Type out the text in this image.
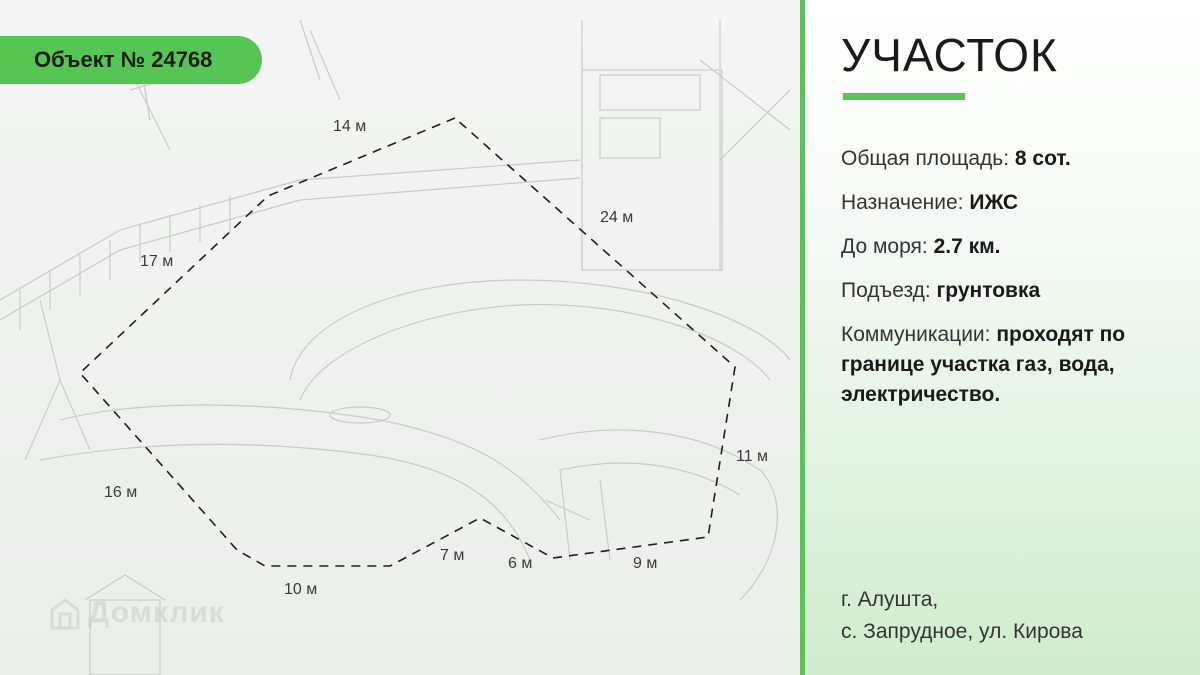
Объект № 24768
14 м
24 м
17 м
11 м
16 м
10 м
7 м	6 м	9 м
Домклик
УЧАСТОК
Общая площадь: 8 сот.
Назначение: ИЖС
До моря: 2.7 км.
Подъезд: грунтовка
Коммуникации: проходят по границе участка газ, вода, электричество.
г. Алушта,
с. Запрудное, ул. Кирова
